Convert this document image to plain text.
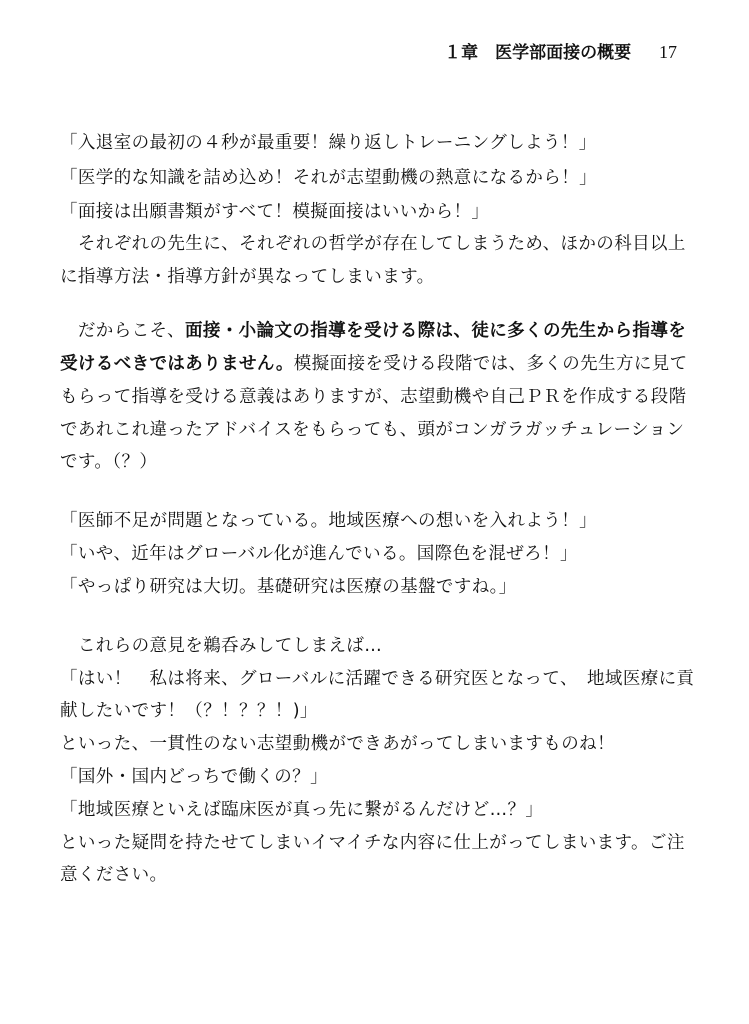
１章　医学部面接の概要 17
「入退室の最初の４秒が最重要！繰り返しトレーニングしよう！」
「医学的な知識を詰め込め！それが志望動機の熱意になるから！」
「面接は出願書類がすべて！模擬面接はいいから！」
　それぞれの先生に、それぞれの哲学が存在してしまうため、ほかの科目以上
に指導方法・指導方針が異なってしまいます。
　だからこそ、面接・小論文の指導を受ける際は、徒に多くの先生から指導を
受けるべきではありません。模擬面接を受ける段階では、多くの先生方に見て
もらって指導を受ける意義はありますが、志望動機や自己ＰＲを作成する段階
であれこれ違ったアドバイスをもらっても、頭がコンガラガッチュレーション
です。（？）
「医師不足が問題となっている。地域医療への想いを入れよう！」
「いや、近年はグローバル化が進んでいる。国際色を混ぜろ！」
「やっぱり研究は大切。基礎研究は医療の基盤ですね。」
　これらの意見を鵜呑みしてしまえば…
「はい！　私は将来、グローバルに活躍できる研究医となって、　地域医療に貢
献したいです！（？！？？！)」
といった、一貫性のない志望動機ができあがってしまいますものね！
「国外・国内どっちで働くの？」
「地域医療といえば臨床医が真っ先に繋がるんだけど…？」
といった疑問を持たせてしまいイマイチな内容に仕上がってしまいます。ご注
意ください。
